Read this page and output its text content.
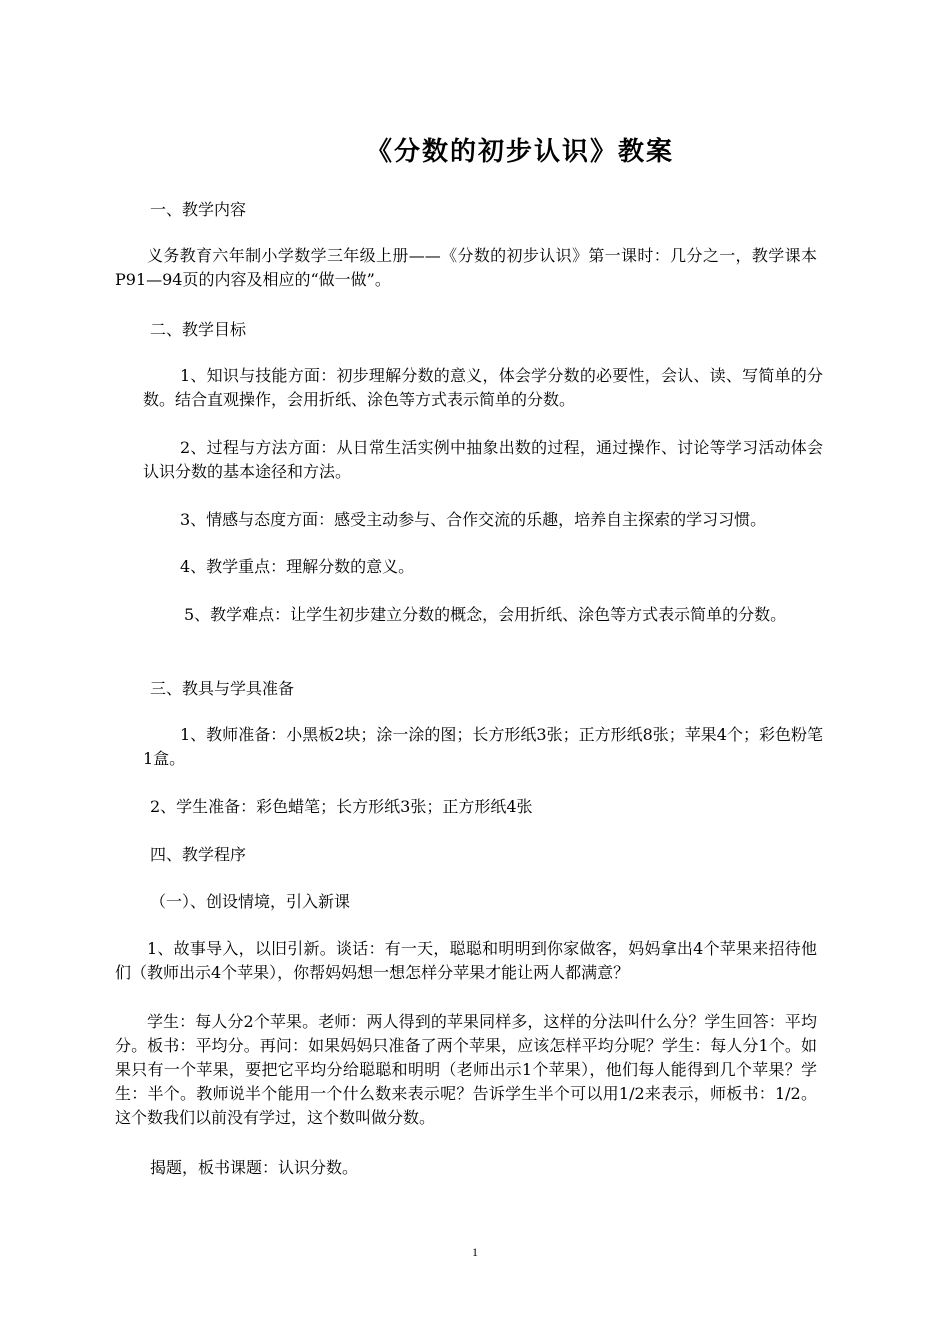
《分数的初步认识》教案
一、教学内容
义务教育六年制小学数学三年级上册——《分数的初步认识》第一课时：几分之一，教学课本P91—94页的内容及相应的“做一做”。
二、教学目标
1、知识与技能方面：初步理解分数的意义，体会学分数的必要性，会认、读、写简单的分数。结合直观操作，会用折纸、涂色等方式表示简单的分数。
2、过程与方法方面：从日常生活实例中抽象出数的过程，通过操作、讨论等学习活动体会认识分数的基本途径和方法。
3、情感与态度方面：感受主动参与、合作交流的乐趣，培养自主探索的学习习惯。
4、教学重点：理解分数的意义。
5、教学难点：让学生初步建立分数的概念，会用折纸、涂色等方式表示简单的分数。
三、教具与学具准备
1、教师准备：小黑板2块；涂一涂的图；长方形纸3张；正方形纸8张；苹果4个；彩色粉笔1盒。
2、学生准备：彩色蜡笔；长方形纸3张；正方形纸4张
四、教学程序
（一）、创设情境，引入新课
1、故事导入，以旧引新。谈话：有一天，聪聪和明明到你家做客，妈妈拿出4个苹果来招待他们（教师出示4个苹果），你帮妈妈想一想怎样分苹果才能让两人都满意？
学生：每人分2个苹果。老师：两人得到的苹果同样多，这样的分法叫什么分？学生回答：平均分。板书：平均分。再问：如果妈妈只准备了两个苹果，应该怎样平均分呢？学生：每人分1个。如果只有一个苹果，要把它平均分给聪聪和明明（老师出示1个苹果），他们每人能得到几个苹果？学生：半个。教师说半个能用一个什么数来表示呢？告诉学生半个可以用1/2来表示，师板书：1/2。这个数我们以前没有学过，这个数叫做分数。
揭题，板书课题：认识分数。
1
